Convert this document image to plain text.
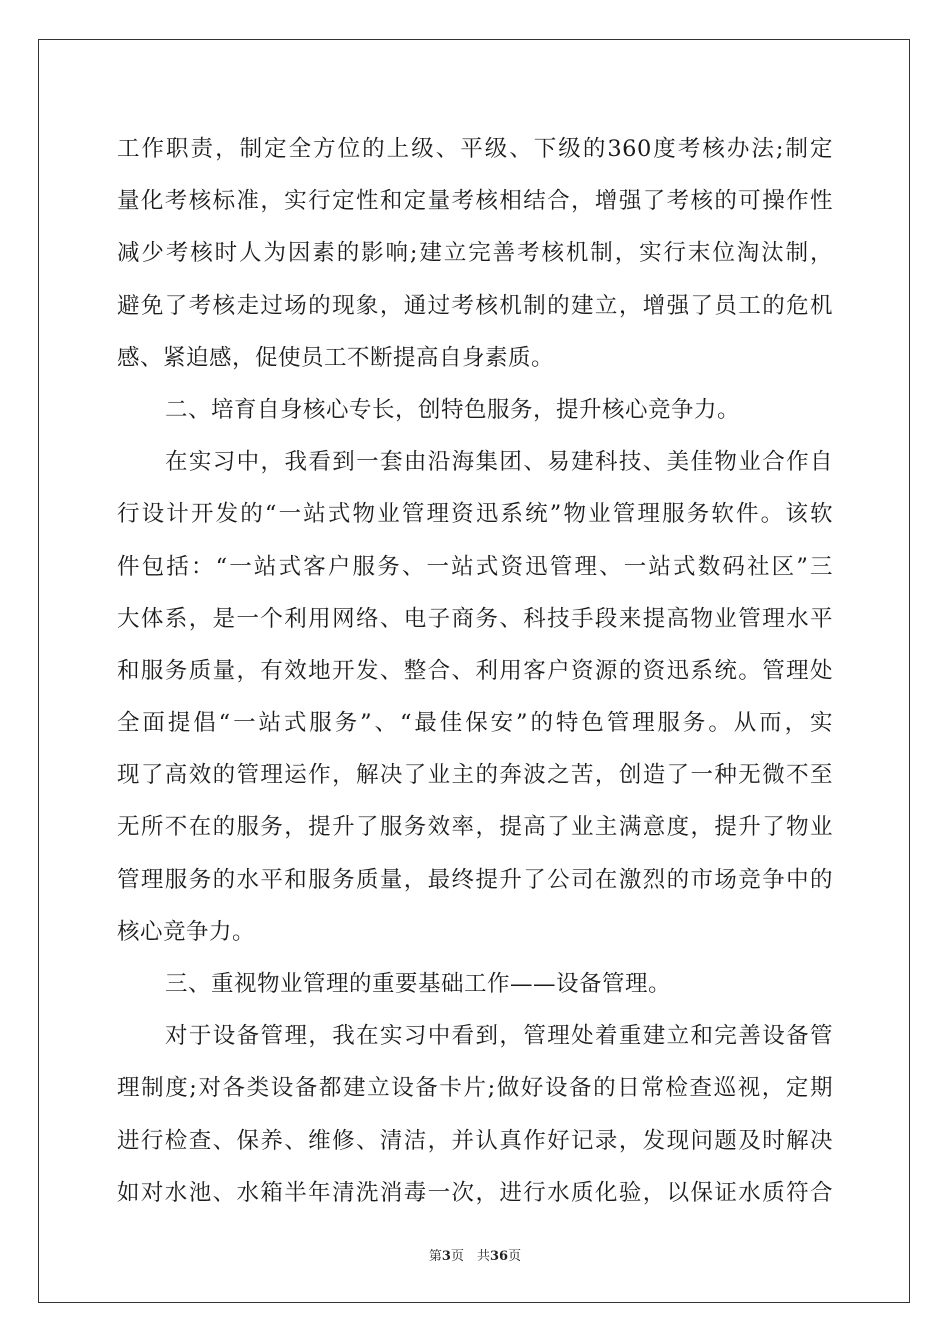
工作职责，制定全方位的上级、平级、下级的360度考核办法;制定
量化考核标准，实行定性和定量考核相结合，增强了考核的可操作性
减少考核时人为因素的影响;建立完善考核机制，实行末位淘汰制，
避免了考核走过场的现象，通过考核机制的建立，增强了员工的危机
感、紧迫感，促使员工不断提高自身素质。
二、培育自身核心专长，创特色服务，提升核心竞争力。
在实习中，我看到一套由沿海集团、易建科技、美佳物业合作自
行设计开发的“一站式物业管理资迅系统”物业管理服务软件。该软
件包括：“一站式客户服务、一站式资迅管理、一站式数码社区”三
大体系，是一个利用网络、电子商务、科技手段来提高物业管理水平
和服务质量，有效地开发、整合、利用客户资源的资迅系统。管理处
全面提倡“一站式服务”、“最佳保安”的特色管理服务。从而，实
现了高效的管理运作，解决了业主的奔波之苦，创造了一种无微不至
无所不在的服务，提升了服务效率，提高了业主满意度，提升了物业
管理服务的水平和服务质量，最终提升了公司在激烈的市场竞争中的
核心竞争力。
三、重视物业管理的重要基础工作——设备管理。
对于设备管理，我在实习中看到，管理处着重建立和完善设备管
理制度;对各类设备都建立设备卡片;做好设备的日常检查巡视，定期
进行检查、保养、维修、清洁，并认真作好记录，发现问题及时解决
如对水池、水箱半年清洗消毒一次，进行水质化验，以保证水质符合
第3页　共36页
